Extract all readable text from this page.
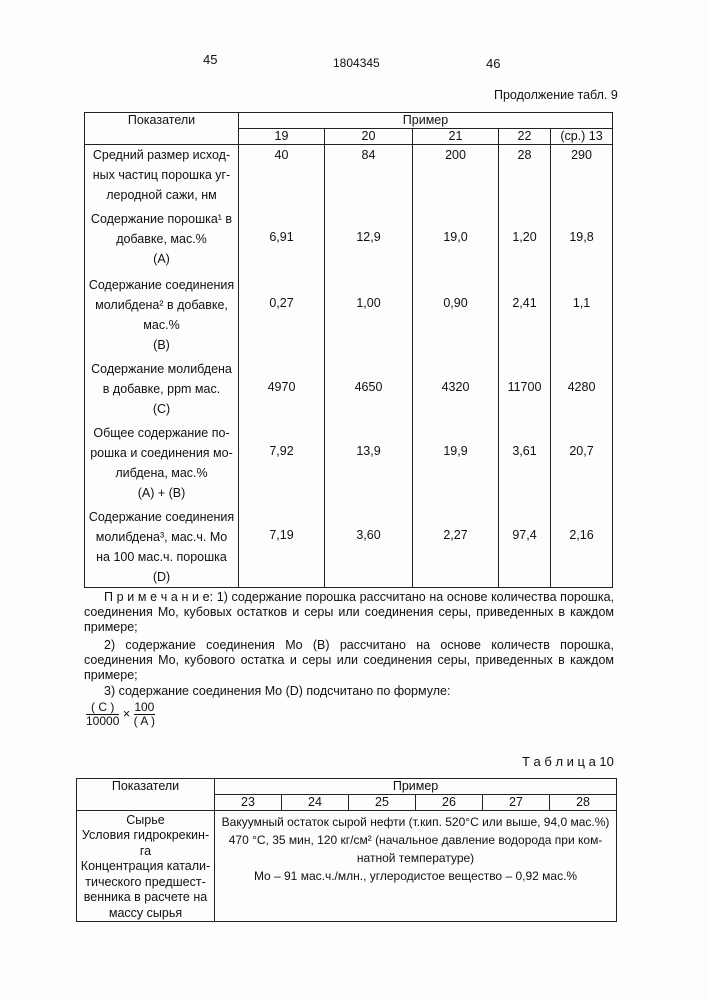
45	1804345	46
Продолжение табл. 9
Показатели	Пример
19	20	21	22	(ср.) 13

Средний размер исход-
ных частиц порошка уг-
леродной сажи, нм
	40	84	200	28	290

Содержание порошка¹ в
добавке, мас.%
(A)
	6,91	12,9	19,0	1,20	19,8

Содержание соединения
молибдена² в добавке,
мас.%
(B)
	0,27	1,00	0,90	2,41	1,1

Содержание молибдена
в добавке, ppm мас.
(C)
	4970	4650	4320	11700	4280

Общее содержание по-
рошка и соединения мо-
либдена, мас.%
(A) + (B)
	7,92	13,9	19,9	3,61	20,7

Содержание соединения
молибдена³, мас.ч. Mo
на 100 мас.ч. порошка
(D)
	7,19	3,60	2,27	97,4	2,16
П р и м е ч а н и е: 1) содержание порошка рассчитано на основе количества порошка, соединения Mo, кубовых остатков и серы или соединения серы, приведенных в каждом примере;
2) содержание соединения Mo (B) рассчитано на основе количеств порошка, соединения Mo, кубового остатка и серы или соединения серы, приведенных в каждом примере;
3) содержание соединения Mo (D) подсчитано по формуле:
( C )
10000
× 100
( A )
Т а б л и ц а 10
Показатели	Пример
23	24	25	26	27	28

Сырье
Условия гидрокрекин-
га
Концентрация катали-
тического предшест-
венника в расчете на
массу сырья

Вакуумный остаток сырой нефти (т.кип. 520°С или выше, 94,0 мас.%)
470 °С, 35 мин, 120 кг/см² (начальное давление водорода при ком-
натной температуре)
Mo – 91 мас.ч./млн., углеродистое вещество – 0,92 мас.%
